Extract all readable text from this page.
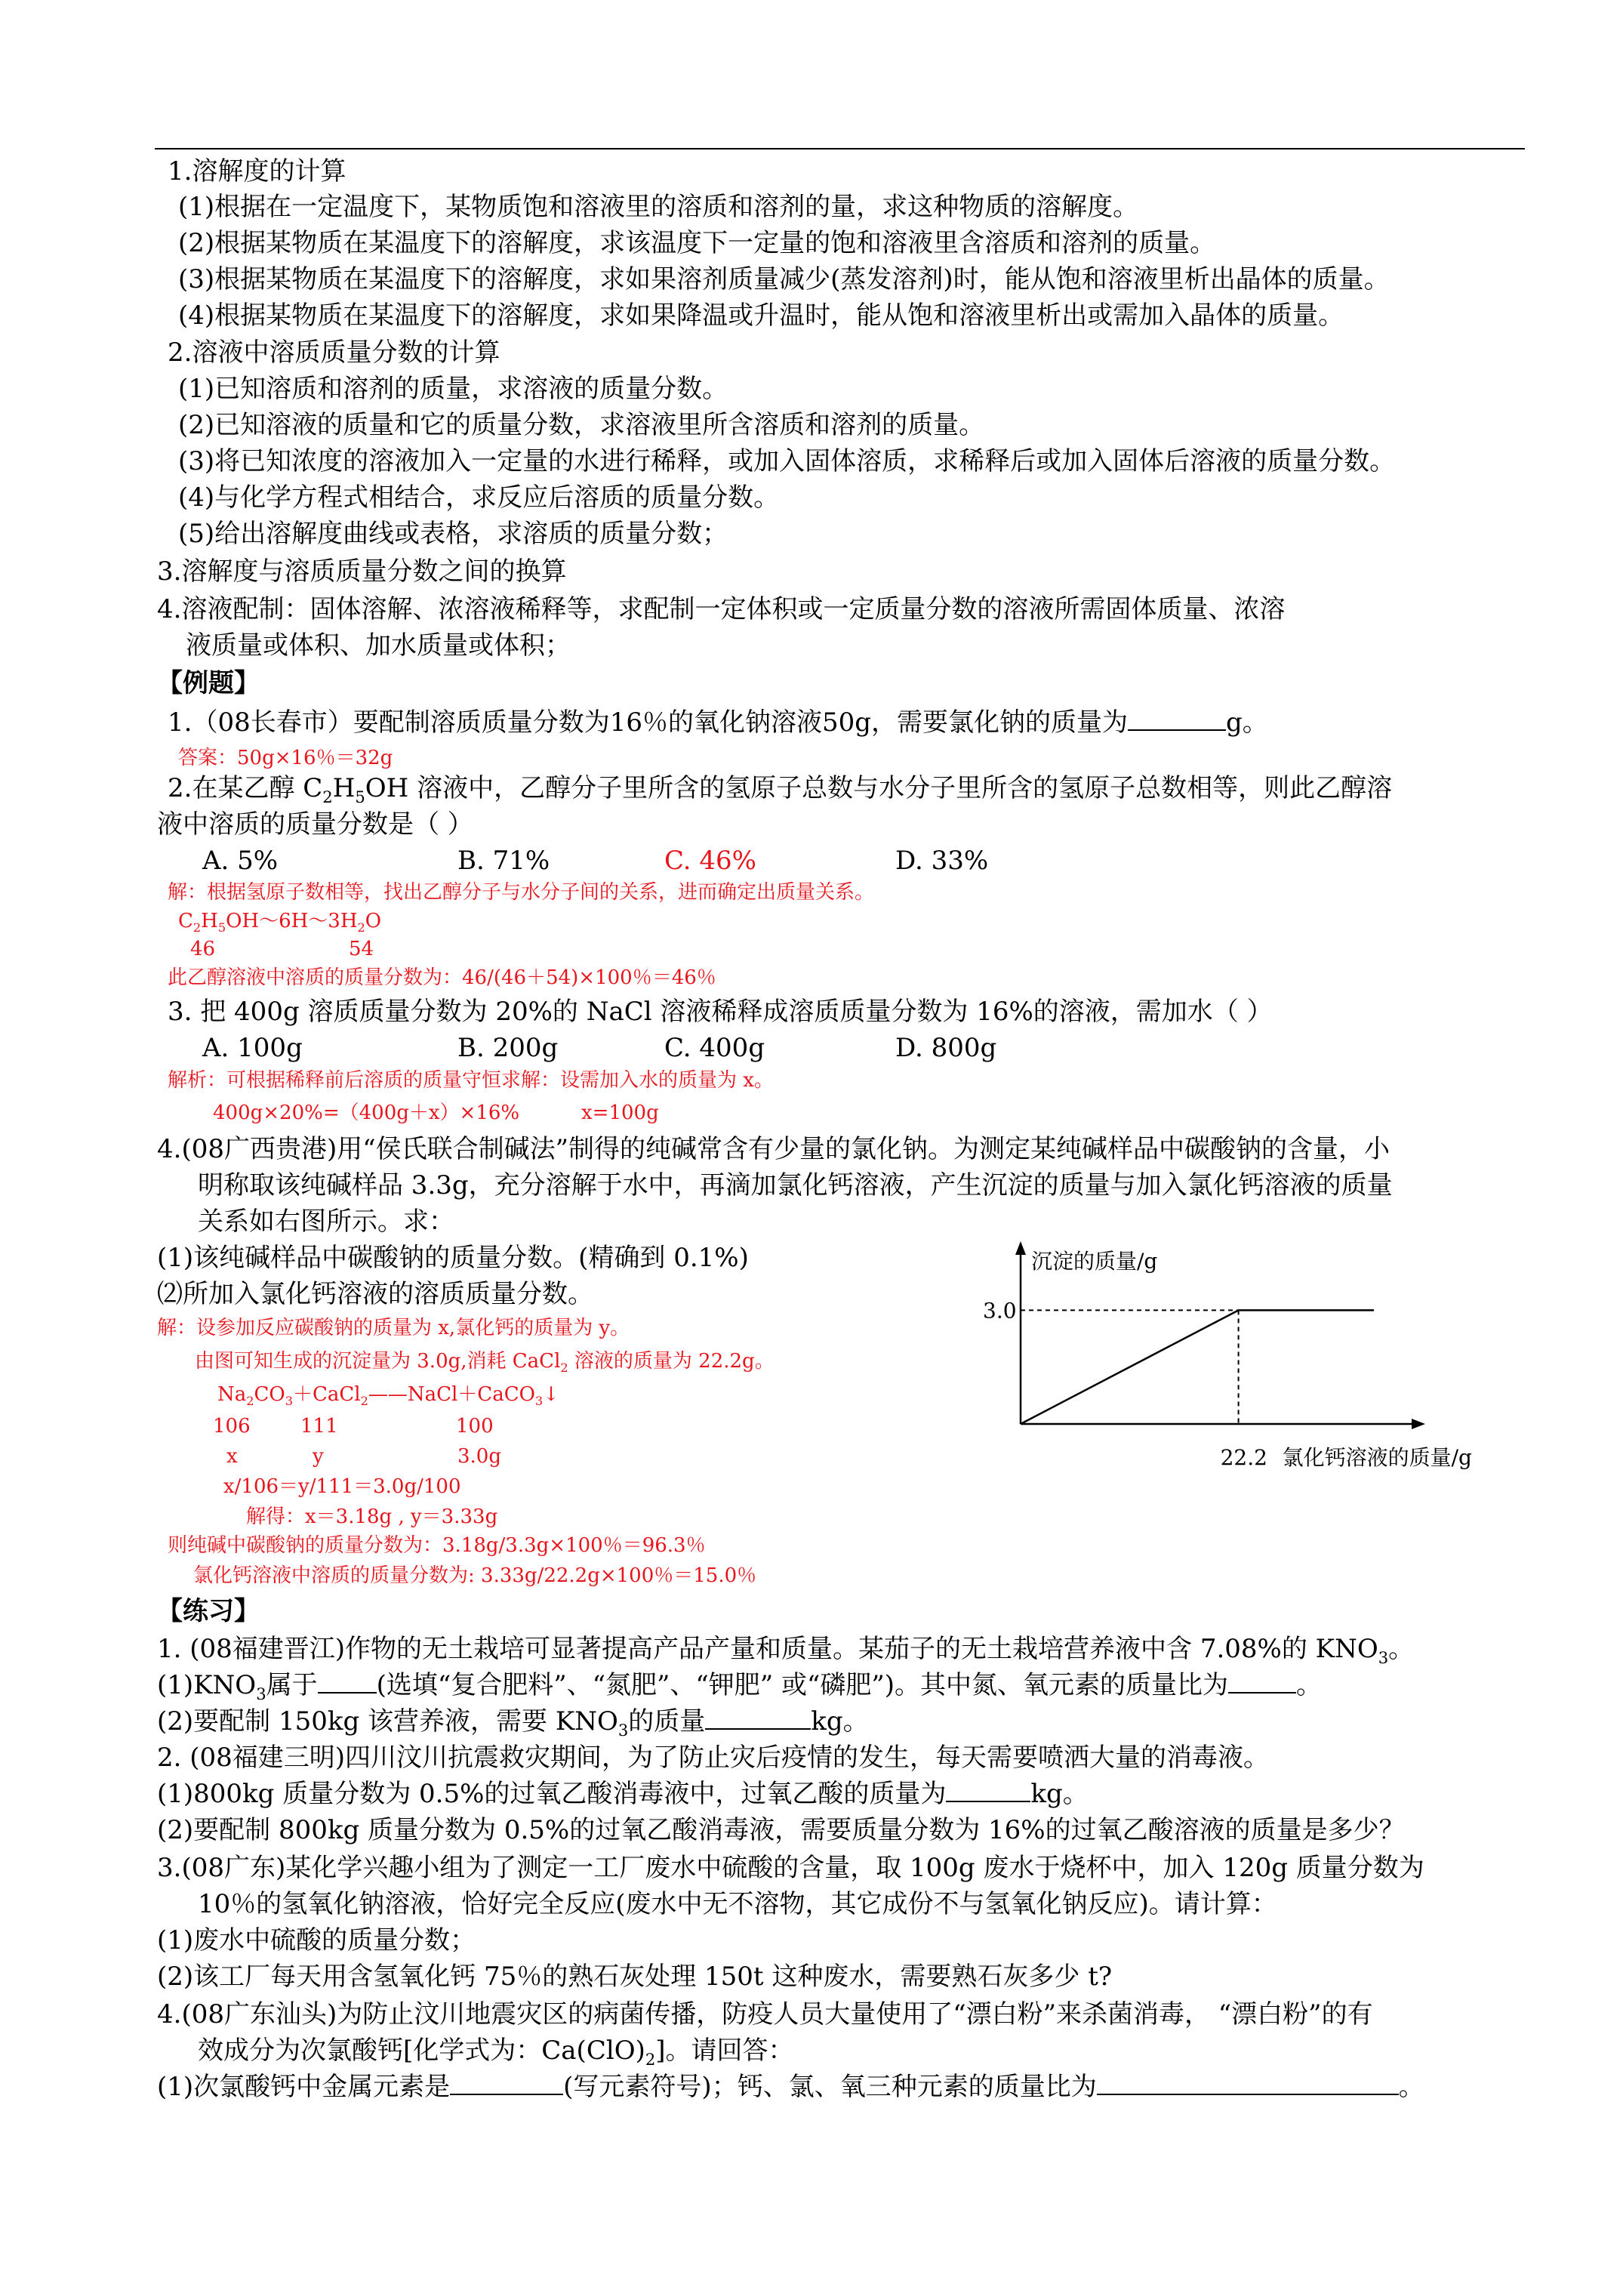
1.溶解度的计算
(1)根据在一定温度下，某物质饱和溶液里的溶质和溶剂的量，求这种物质的溶解度。
(2)根据某物质在某温度下的溶解度，求该温度下一定量的饱和溶液里含溶质和溶剂的质量。
(3)根据某物质在某温度下的溶解度，求如果溶剂质量减少(蒸发溶剂)时，能从饱和溶液里析出晶体的质量。
(4)根据某物质在某温度下的溶解度，求如果降温或升温时，能从饱和溶液里析出或需加入晶体的质量。
2.溶液中溶质质量分数的计算
(1)已知溶质和溶剂的质量，求溶液的质量分数。
(2)已知溶液的质量和它的质量分数，求溶液里所含溶质和溶剂的质量。
(3)将已知浓度的溶液加入一定量的水进行稀释，或加入固体溶质，求稀释后或加入固体后溶液的质量分数。
(4)与化学方程式相结合，求反应后溶质的质量分数。
(5)给出溶解度曲线或表格，求溶质的质量分数；
3.溶解度与溶质质量分数之间的换算
4.溶液配制：固体溶解、浓溶液稀释等，求配制一定体积或一定质量分数的溶液所需固体质量、浓溶
液质量或体积、加水质量或体积；
【例题】
1.（08长春市）要配制溶质质量分数为16％的氧化钠溶液50g，需要氯化钠的质量为	g。
答案：50g×16％＝32g
2.在某乙醇 $C_2H_5OH$ 溶液中，乙醇分子里所含的氢原子总数与水分子里所含的氢原子总数相等，则此乙醇溶
液中溶质的质量分数是（ ）
A. 5%	B. 71%	C. 46%	D. 33%
解：根据氢原子数相等，找出乙醇分子与水分子间的关系，进而确定出质量关系。
$C_2H_5OH\sim 6H\sim 3H_2O$
46	54
此乙醇溶液中溶质的质量分数为：46/(46＋54)×100％＝46％
3. 把 400g 溶质质量分数为 20%的 NaCl 溶液稀释成溶质质量分数为 16%的溶液，需加水（ ）
A. 100g	B. 200g	C. 400g	D. 800g
解析：可根据稀释前后溶质的质量守恒求解：设需加入水的质量为 x。
400g×20%=（400g＋x）×16%	x=100g
4.(08广西贵港)用“侯氏联合制碱法”制得的纯碱常含有少量的氯化钠。为测定某纯碱样品中碳酸钠的含量，小
明称取该纯碱样品 3.3g，充分溶解于水中，再滴加氯化钙溶液，产生沉淀的质量与加入氯化钙溶液的质量
关系如右图所示。求：
(1)该纯碱样品中碳酸钠的质量分数。(精确到 0.1%)
⑵所加入氯化钙溶液的溶质质量分数。
解：设参加反应碳酸钠的质量为 x,氯化钙的质量为 y。
由图可知生成的沉淀量为 3.0g,消耗 CaCl$_2$ 溶液的质量为 22.2g。
$Na_2CO_3+CaCl_2——NaCl+CaCO_3↓$
106	111	100
x	y	3.0g
x/106＝y/111＝3.0g/100
解得：x＝3.18g , y＝3.33g
则纯碱中碳酸钠的质量分数为：3.18g/3.3g×100％＝96.3％
氯化钙溶液中溶质的质量分数为: 3.33g/22.2g×100％＝15.0％
沉淀的质量/g
3.0
22.2 氯化钙溶液的质量/g
【练习】
1. (08福建晋江)作物的无土栽培可显著提高产品产量和质量。某茄子的无土栽培营养液中含 7.08%的 $KNO_3$。
$(1)KNO_3$属于 (选填“复合肥料”、“氮肥”、“钾肥” 或“磷肥”)。其中氮、氧元素的质量比为	。
(2)要配制 150kg 该营养液，需要 $KNO_3$的质量	kg。
2. (08福建三明)四川汶川抗震救灾期间，为了防止灾后疫情的发生，每天需要喷洒大量的消毒液。
(1)800kg 质量分数为 0.5%的过氧乙酸消毒液中，过氧乙酸的质量为	kg。
(2)要配制 800kg 质量分数为 0.5%的过氧乙酸消毒液，需要质量分数为 16%的过氧乙酸溶液的质量是多少？
3.(08广东)某化学兴趣小组为了测定一工厂废水中硫酸的含量，取 100g 废水于烧杯中，加入 120g 质量分数为
10％的氢氧化钠溶液，恰好完全反应(废水中无不溶物，其它成份不与氢氧化钠反应)。请计算：
(1)废水中硫酸的质量分数；
(2)该工厂每天用含氢氧化钙 75％的熟石灰处理 150t 这种废水，需要熟石灰多少 t?
4.(08广东汕头)为防止汶川地震灾区的病菌传播，防疫人员大量使用了“漂白粉”来杀菌消毒， “漂白粉”的有
效成分为次氯酸钙[化学式为：$Ca(ClO)_2$]。请回答：
(1)次氯酸钙中金属元素是	(写元素符号)；钙、氯、氧三种元素的质量比为	。
